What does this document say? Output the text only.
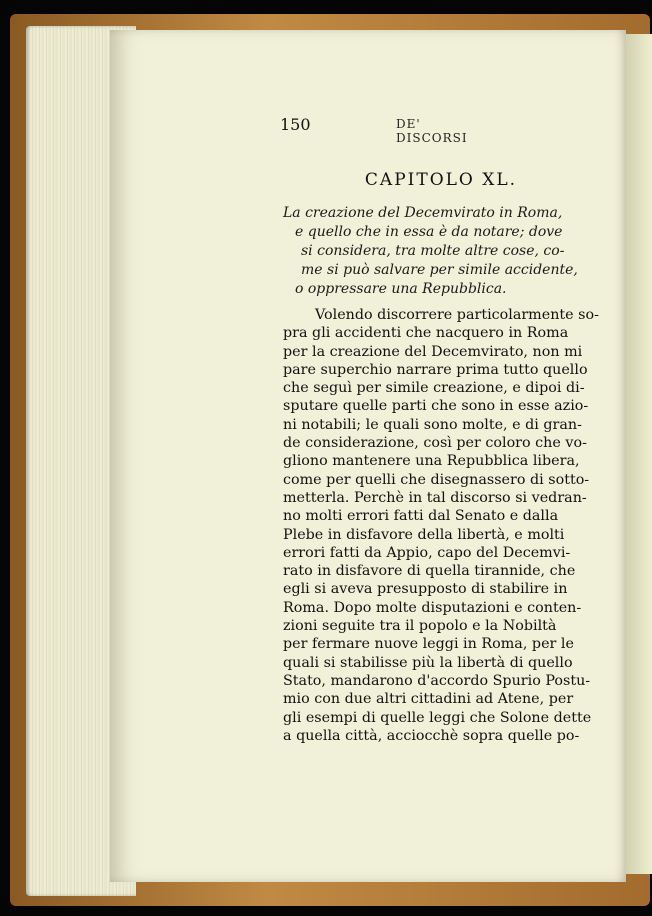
150	DE' DISCORSI
CAPITOLO XL.
La creazione del Decemvirato in Roma,
e quello che in essa è da notare; dove
si considera, tra molte altre cose, co-
me si può salvare per simile accidente,
o oppressare una Repubblica.
Volendo discorrere particolarmente so-
pra gli accidenti che nacquero in Roma
per la creazione del Decemvirato, non mi
pare superchio narrare prima tutto quello
che seguì per simile creazione, e dipoi di-
sputare quelle parti che sono in esse azio-
ni notabili; le quali sono molte, e di gran-
de considerazione, così per coloro che vo-
gliono mantenere una Repubblica libera,
come per quelli che disegnassero di sotto-
metterla. Perchè in tal discorso si vedran-
no molti errori fatti dal Senato e dalla
Plebe in disfavore della libertà, e molti
errori fatti da Appio, capo del Decemvi-
rato in disfavore di quella tirannide, che
egli si aveva presupposto di stabilire in
Roma. Dopo molte disputazioni e conten-
zioni seguite tra il popolo e la Nobiltà
per fermare nuove leggi in Roma, per le
quali si stabilisse più la libertà di quello
Stato, mandarono d'accordo Spurio Postu-
mio con due altri cittadini ad Atene, per
gli esempi di quelle leggi che Solone dette
a quella città, acciocchè sopra quelle po-
